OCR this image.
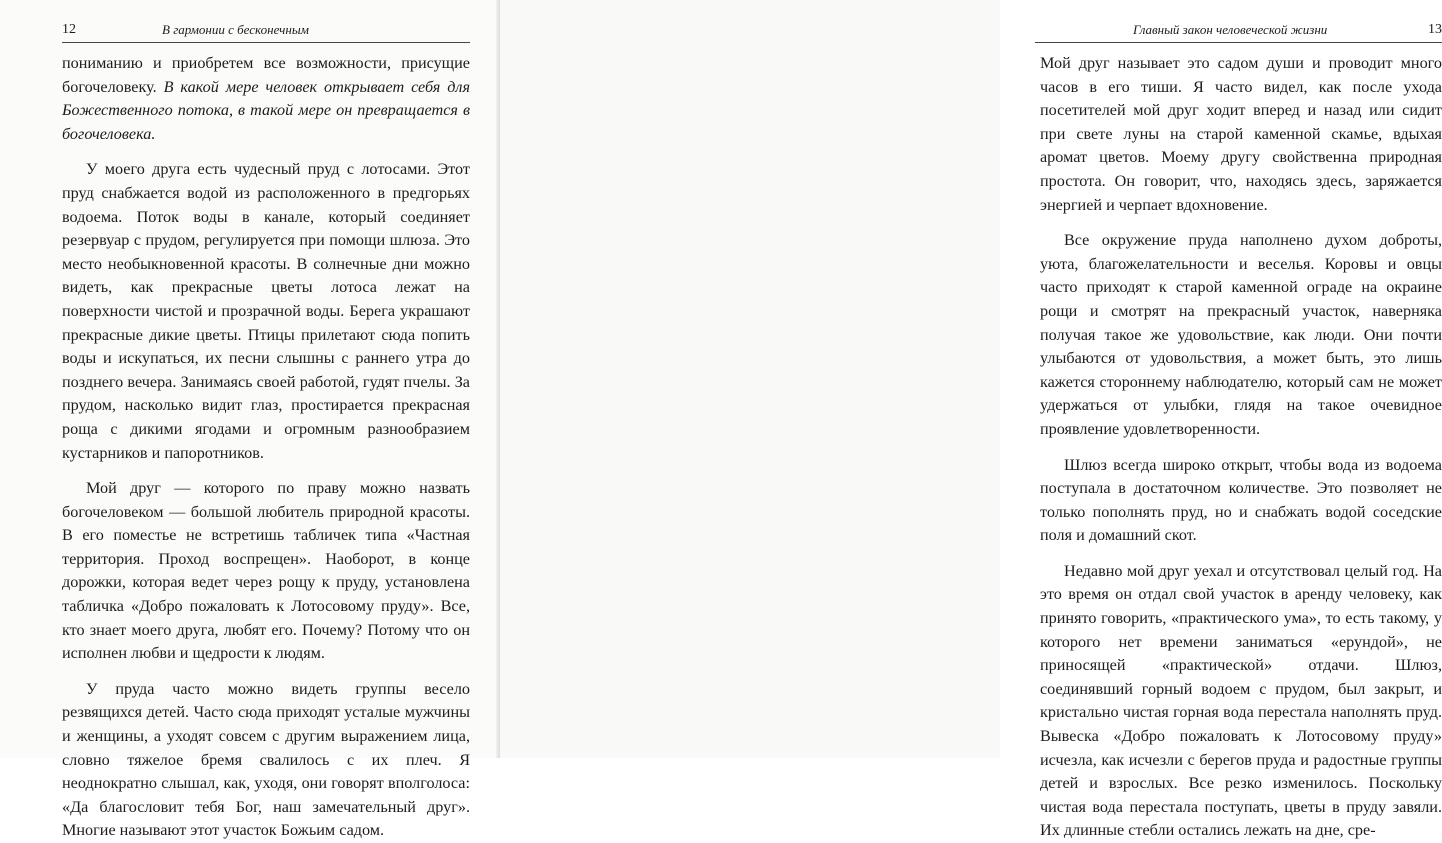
12	В гармонии с бесконечным

пониманию и приобретем все возможности, присущие богочеловеку. В какой мере человек открывает себя для Божественного потока, в такой мере он превращается в богочеловека.

У моего друга есть чудесный пруд с лотосами. Этот пруд снабжается водой из расположенного в предгорьях водоема. Поток воды в канале, который соединяет резервуар с прудом, регулируется при помощи шлюза. Это место необыкновенной красоты. В солнечные дни можно видеть, как прекрасные цветы лотоса лежат на поверхности чистой и прозрачной воды. Берега украшают прекрасные дикие цветы. Птицы прилетают сюда попить воды и искупаться, их песни слышны с раннего утра до позднего вечера. Занимаясь своей работой, гудят пчелы. За прудом, насколько видит глаз, простирается прекрасная роща с дикими ягодами и огромным разнообразием кустарников и папоротников.

Мой друг — которого по праву можно назвать богочеловеком — большой любитель природной красоты. В его поместье не встретишь табличек типа «Частная территория. Проход воспрещен». Наоборот, в конце дорожки, которая ведет через рощу к пруду, установлена табличка «Добро пожаловать к Лотосовому пруду». Все, кто знает моего друга, любят его. Почему? Потому что он исполнен любви и щедрости к людям.

У пруда часто можно видеть группы весело резвящихся детей. Часто сюда приходят усталые мужчины и женщины, а уходят совсем с другим выражением лица, словно тяжелое бремя свалилось с их плеч. Я неоднократно слышал, как, уходя, они говорят вполголоса: «Да благословит тебя Бог, наш замечательный друг». Многие называют этот участок Божьим садом.

Главный закон человеческой жизни	13

Мой друг называет это садом души и проводит много часов в его тиши. Я часто видел, как после ухода посетителей мой друг ходит вперед и назад или сидит при свете луны на старой каменной скамье, вдыхая аромат цветов. Моему другу свойственна природная простота. Он говорит, что, находясь здесь, заряжается энергией и черпает вдохновение.

Все окружение пруда наполнено духом доброты, уюта, благожелательности и веселья. Коровы и овцы часто приходят к старой каменной ограде на окраине рощи и смотрят на прекрасный участок, наверняка получая такое же удовольствие, как люди. Они почти улыбаются от удовольствия, а может быть, это лишь кажется стороннему наблюдателю, который сам не может удержаться от улыбки, глядя на такое очевидное проявление удовлетворенности.

Шлюз всегда широко открыт, чтобы вода из водоема поступала в достаточном количестве. Это позволяет не только пополнять пруд, но и снабжать водой соседские поля и домашний скот.

Недавно мой друг уехал и отсутствовал целый год. На это время он отдал свой участок в аренду человеку, как принято говорить, «практического ума», то есть такому, у которого нет времени заниматься «ерундой», не приносящей «практической» отдачи. Шлюз, соединявший горный водоем с прудом, был закрыт, и кристально чистая горная вода перестала наполнять пруд. Вывеска «Добро пожаловать к Лотосовому пруду» исчезла, как исчезли с берегов пруда и радостные группы детей и взрослых. Все резко изменилось. Поскольку чистая вода перестала поступать, цветы в пруду завяли. Их длинные стебли остались лежать на дне, сре-
